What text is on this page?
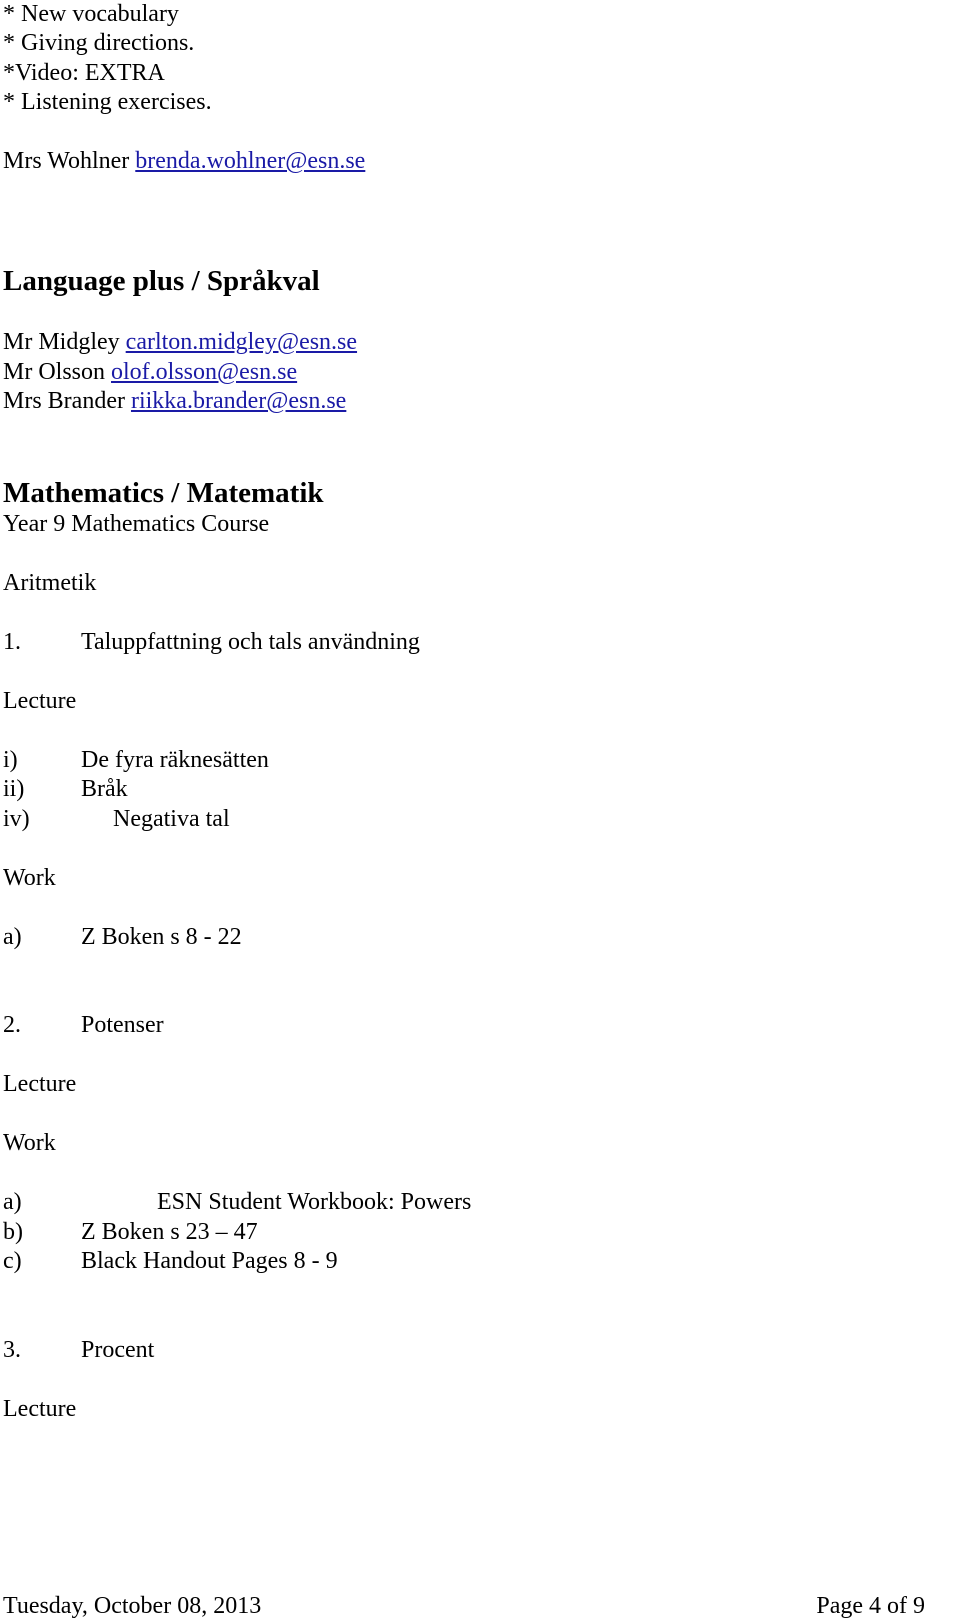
* New vocabulary
* Giving directions.
*Video: EXTRA
* Listening exercises.
Mrs Wohlner brenda.wohlner@esn.se
Language plus / Språkval
Mr Midgley carlton.midgley@esn.se
Mr Olsson olof.olsson@esn.se
Mrs Brander riikka.brander@esn.se
Mathematics / Matematik
Year 9 Mathematics Course
Aritmetik
1.	Taluppfattning och tals användning
Lecture
i)	De fyra räknesätten
ii) Bråk
iv)	Negativa tal
Work
a) Z Boken s 8 - 22
2.	Potenser
Lecture
Work
a)	ESN Student Workbook: Powers
b) Z Boken s 23 – 47
c) Black Handout Pages 8 - 9
3.	Procent
Lecture
Tuesday, October 08, 2013	Page 4 of 9
